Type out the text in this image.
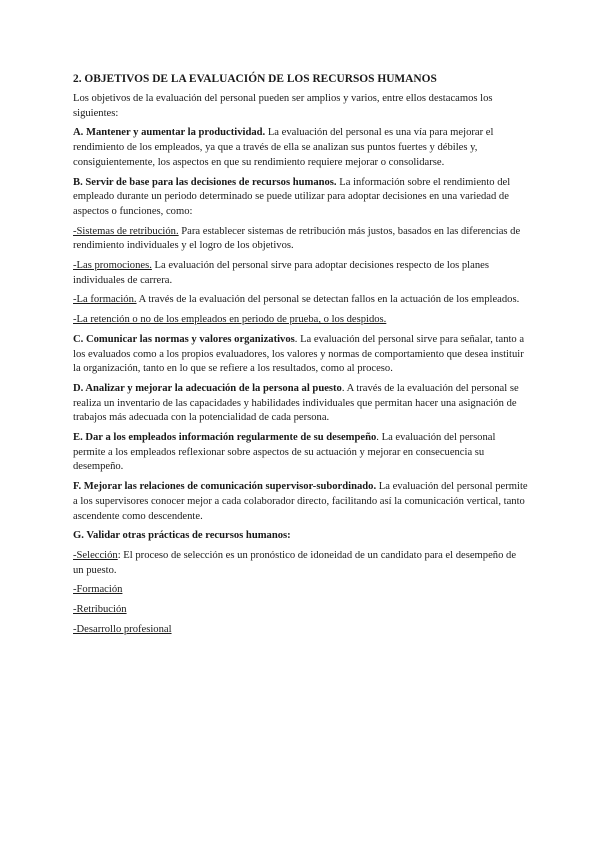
2. OBJETIVOS DE LA EVALUACIÓN DE LOS RECURSOS HUMANOS

Los objetivos de la evaluación del personal pueden ser amplios y varios, entre ellos destacamos los siguientes:

A. Mantener y aumentar la productividad. La evaluación del personal es una vía para mejorar el rendimiento de los empleados, ya que a través de ella se analizan sus puntos fuertes y débiles y, consiguientemente, los aspectos en que su rendimiento requiere mejorar o consolidarse.

B. Servir de base para las decisiones de recursos humanos. La información sobre el rendimiento del empleado durante un periodo determinado se puede utilizar para adoptar decisiones en una variedad de aspectos o funciones, como:

-Sistemas de retribución. Para establecer sistemas de retribución más justos, basados en las diferencias de rendimiento individuales y el logro de los objetivos.

-Las promociones. La evaluación del personal sirve para adoptar decisiones respecto de los planes individuales de carrera.

-La formación. A través de la evaluación del personal se detectan fallos en la actuación de los empleados.

-La retención o no de los empleados en periodo de prueba, o los despidos.

C. Comunicar las normas y valores organizativos. La evaluación del personal sirve para señalar, tanto a los evaluados como a los propios evaluadores, los valores y normas de comportamiento que desea instituir la organización, tanto en lo que se refiere a los resultados, como al proceso.

D. Analizar y mejorar la adecuación de la persona al puesto. A través de la evaluación del personal se realiza un inventario de las capacidades y habilidades individuales que permitan hacer una asignación de trabajos más adecuada con la potencialidad de cada persona.

E. Dar a los empleados información regularmente de su desempeño. La evaluación del personal permite a los empleados reflexionar sobre aspectos de su actuación y mejorar en consecuencia su desempeño.

F. Mejorar las relaciones de comunicación supervisor-subordinado. La evaluación del personal permite a los supervisores conocer mejor a cada colaborador directo, facilitando así la comunicación vertical, tanto ascendente como descendente.

G. Validar otras prácticas de recursos humanos:

-Selección: El proceso de selección es un pronóstico de idoneidad de un candidato para el desempeño de un puesto.

-Formación

-Retribución

-Desarrollo profesional
